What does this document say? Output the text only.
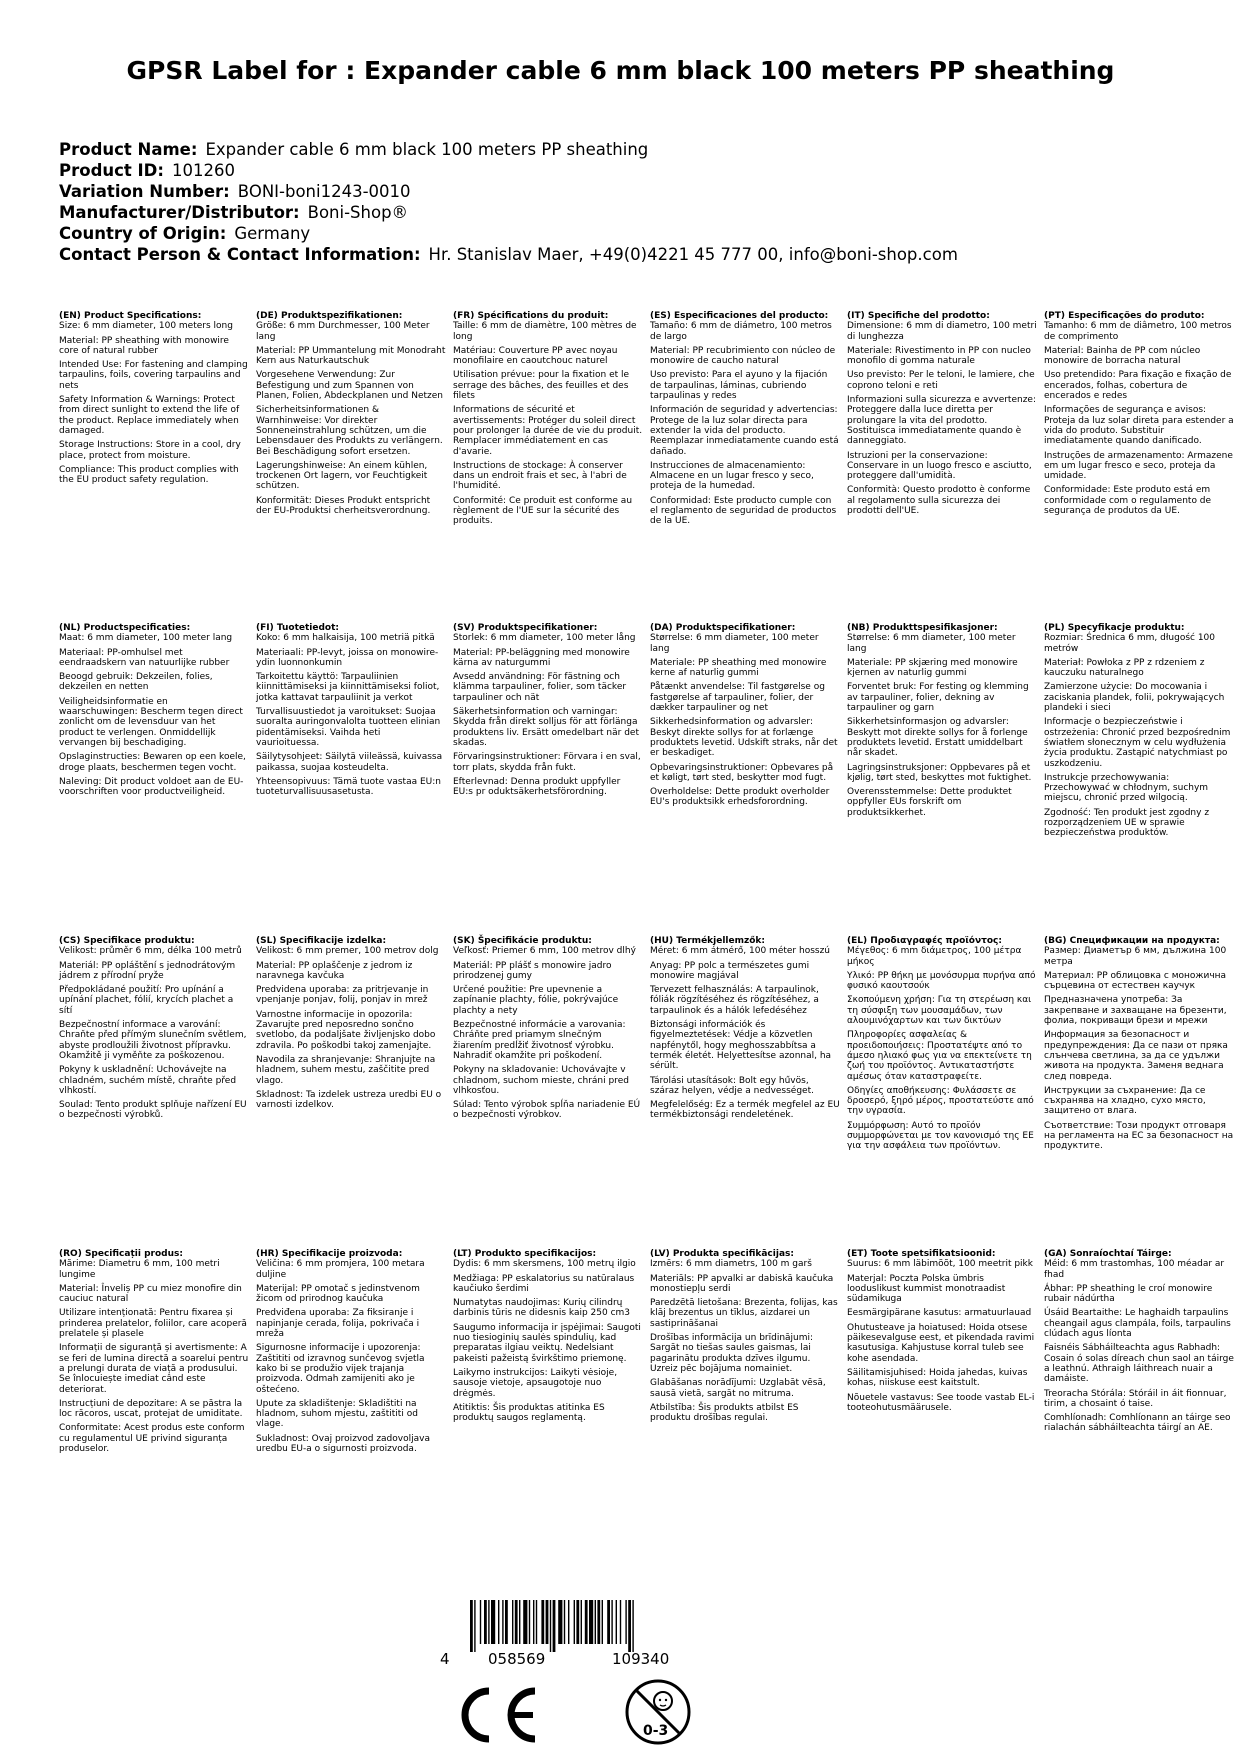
GPSR Label for : Expander cable 6 mm black 100 meters PP sheathing
Product Name: Expander cable 6 mm black 100 meters PP sheathing
Product ID: 101260
Variation Number: BONI-boni1243-0010
Manufacturer/Distributor: Boni-Shop®
Country of Origin: Germany
Contact Person & Contact Information: Hr. Stanislav Maer, +49(0)4221 45 777 00, info@boni-shop.com
(EN) Product Specifications:
Size: 6 mm diameter, 100 meters long
Material: PP sheathing with monowire core of natural rubber
Intended Use: For fastening and clamping tarpaulins, foils, covering tarpaulins and nets
Safety Information & Warnings: Protect from direct sunlight to extend the life of the product. Replace immediately when damaged.
Storage Instructions: Store in a cool, dry place, protect from moisture.
Compliance: This product complies with the EU product safety regulation.
(DE) Produktspezifikationen:
Größe: 6 mm Durchmesser, 100 Meter lang
Material: PP Ummantelung mit Monodraht Kern aus Naturkautschuk
Vorgesehene Verwendung: Zur Befestigung und zum Spannen von Planen, Folien, Abdeckplanen und Netzen
Sicherheitsinformationen & Warnhinweise: Vor direkter Sonneneinstrahlung schützen, um die Lebensdauer des Produkts zu verlängern. Bei Beschädigung sofort ersetzen.
Lagerungshinweise: An einem kühlen, trockenen Ort lagern, vor Feuchtigkeit schützen.
Konformität: Dieses Produkt entspricht der EU-Produktsi cherheitsverordnung.
(FR) Spécifications du produit:
Taille: 6 mm de diamètre, 100 mètres de long
Matériau: Couverture PP avec noyau monofilaire en caoutchouc naturel
Utilisation prévue: pour la fixation et le serrage des bâches, des feuilles et des filets
Informations de sécurité et avertissements: Protéger du soleil direct pour prolonger la durée de vie du produit. Remplacer immédiatement en cas d'avarie.
Instructions de stockage: À conserver dans un endroit frais et sec, à l'abri de l'humidité.
Conformité: Ce produit est conforme au règlement de l'UE sur la sécurité des produits.
(ES) Especificaciones del producto:
Tamaño: 6 mm de diámetro, 100 metros de largo
Material: PP recubrimiento con núcleo de monowire de caucho natural
Uso previsto: Para el ayuno y la fijación de tarpaulinas, láminas, cubriendo tarpaulinas y redes
Información de seguridad y advertencias: Protege de la luz solar directa para extender la vida del producto. Reemplazar inmediatamente cuando está dañado.
Instrucciones de almacenamiento: Almacene en un lugar fresco y seco, proteja de la humedad.
Conformidad: Este producto cumple con el reglamento de seguridad de productos de la UE.
(IT) Specifiche del prodotto:
Dimensione: 6 mm di diametro, 100 metri di lunghezza
Materiale: Rivestimento in PP con nucleo monofilo di gomma naturale
Uso previsto: Per le teloni, le lamiere, che coprono teloni e reti
Informazioni sulla sicurezza e avvertenze: Proteggere dalla luce diretta per prolungare la vita del prodotto. Sostituisca immediatamente quando è danneggiato.
Istruzioni per la conservazione: Conservare in un luogo fresco e asciutto, proteggere dall'umidità.
Conformità: Questo prodotto è conforme al regolamento sulla sicurezza dei prodotti dell'UE.
(PT) Especificações do produto:
Tamanho: 6 mm de diâmetro, 100 metros de comprimento
Material: Bainha de PP com núcleo monowire de borracha natural
Uso pretendido: Para fixação e fixação de encerados, folhas, cobertura de encerados e redes
Informações de segurança e avisos: Proteja da luz solar direta para estender a vida do produto. Substituir imediatamente quando danificado.
Instruções de armazenamento: Armazene em um lugar fresco e seco, proteja da umidade.
Conformidade: Este produto está em conformidade com o regulamento de segurança de produtos da UE.
(NL) Productspecificaties:
Maat: 6 mm diameter, 100 meter lang
Materiaal: PP-omhulsel met eendraadskern van natuurlijke rubber
Beoogd gebruik: Dekzeilen, folies, dekzeilen en netten
Veiligheidsinformatie en waarschuwingen: Bescherm tegen direct zonlicht om de levensduur van het product te verlengen. Onmiddellijk vervangen bij beschadiging.
Opslaginstructies: Bewaren op een koele, droge plaats, beschermen tegen vocht.
Naleving: Dit product voldoet aan de EU-voorschriften voor productveiligheid.
(FI) Tuotetiedot:
Koko: 6 mm halkaisija, 100 metriä pitkä
Materiaali: PP-levyt, joissa on monowire-ydin luonnonkumin
Tarkoitettu käyttö: Tarpauliinien kiinnittämiseksi ja kiinnittämiseksi foliot, jotka kattavat tarpauliinit ja verkot
Turvallisuustiedot ja varoitukset: Suojaa suoralta auringonvalolta tuotteen elinian pidentämiseksi. Vaihda heti vaurioituessa.
Säilytysohjeet: Säilytä viileässä, kuivassa paikassa, suojaa kosteudelta.
Yhteensopivuus: Tämä tuote vastaa EU:n tuoteturvallisuusasetusta.
(SV) Produktspecifikationer:
Storlek: 6 mm diameter, 100 meter lång
Material: PP-beläggning med monowire kärna av naturgummi
Avsedd användning: För fästning och klämma tarpauliner, folier, som täcker tarpauliner och nät
Säkerhetsinformation och varningar: Skydda från direkt solljus för att förlänga produktens liv. Ersätt omedelbart när det skadas.
Förvaringsinstruktioner: Förvara i en sval, torr plats, skydda från fukt.
Efterlevnad: Denna produkt uppfyller EU:s pr oduktsäkerhetsförordning.
(DA) Produktspecifikationer:
Størrelse: 6 mm diameter, 100 meter lang
Materiale: PP sheathing med monowire kerne af naturlig gummi
Påtænkt anvendelse: Til fastgørelse og fastgørelse af tarpauliner, folier, der dækker tarpauliner og net
Sikkerhedsinformation og advarsler: Beskyt direkte sollys for at forlænge produktets levetid. Udskift straks, når det er beskadiget.
Opbevaringsinstruktioner: Opbevares på et køligt, tørt sted, beskytter mod fugt.
Overholdelse: Dette produkt overholder EU's produktsikk erhedsforordning.
(NB) Produkttspesifikasjoner:
Størrelse: 6 mm diameter, 100 meter lang
Materiale: PP skjæring med monowire kjernen av naturlig gummi
Forventet bruk: For festing og klemming av tarpauliner, folier, dekning av tarpauliner og garn
Sikkerhetsinformasjon og advarsler: Beskytt mot direkte sollys for å forlenge produktets levetid. Erstatt umiddelbart når skadet.
Lagringsinstruksjoner: Oppbevares på et kjølig, tørt sted, beskyttes mot fuktighet.
Overensstemmelse: Dette produktet oppfyller EUs forskrift om produktsikkerhet.
(PL) Specyfikacje produktu:
Rozmiar: Średnica 6 mm, długość 100 metrów
Materiał: Powłoka z PP z rdzeniem z kauczuku naturalnego
Zamierzone użycie: Do mocowania i zaciskania plandek, folii, pokrywających plandeki i sieci
Informacje o bezpieczeństwie i ostrzeżenia: Chronić przed bezpośrednim światłem słonecznym w celu wydłużenia życia produktu. Zastąpić natychmiast po uszkodzeniu.
Instrukcje przechowywania: Przechowywać w chłodnym, suchym miejscu, chronić przed wilgocią.
Zgodność: Ten produkt jest zgodny z rozporządzeniem UE w sprawie bezpieczeństwa produktów.
(CS) Specifikace produktu:
Velikost: průměr 6 mm, délka 100 metrů
Materiál: PP opláštění s jednodrátovým jádrem z přírodní pryže
Předpokládané použití: Pro upínání a upínání plachet, fólií, krycích plachet a sítí
Bezpečnostní informace a varování: Chraňte před přímým slunečním světlem, abyste prodloužili životnost přípravku. Okamžitě ji vyměňte za poškozenou.
Pokyny k uskladnění: Uchovávejte na chladném, suchém místě, chraňte před vlhkostí.
Soulad: Tento produkt splňuje nařízení EU o bezpečnosti výrobků.
(SL) Specifikacije izdelka:
Velikost: 6 mm premer, 100 metrov dolg
Material: PP oplaščenje z jedrom iz naravnega kavčuka
Predvidena uporaba: za pritrjevanje in vpenjanje ponjav, folij, ponjav in mrež
Varnostne informacije in opozorila: Zavarujte pred neposredno sončno svetlobo, da podaljšate življenjsko dobo zdravila. Po poškodbi takoj zamenjajte.
Navodila za shranjevanje: Shranjujte na hladnem, suhem mestu, zaščitite pred vlago.
Skladnost: Ta izdelek ustreza uredbi EU o varnosti izdelkov.
(SK) Špecifikácie produktu:
Veľkosť: Priemer 6 mm, 100 metrov dlhý
Materiál: PP plášť s monowire jadro prirodzenej gumy
Určené použitie: Pre upevnenie a zapínanie plachty, fólie, pokrývajúce plachty a nety
Bezpečnostné informácie a varovania: Chráňte pred priamym slnečným žiarením predĺžiť životnosť výrobku. Nahradiť okamžite pri poškodení.
Pokyny na skladovanie: Uchovávajte v chladnom, suchom mieste, chráni pred vlhkosťou.
Súlad: Tento výrobok spĺňa nariadenie EÚ o bezpečnosti výrobkov.
(HU) Termékjellemzők:
Méret: 6 mm átmérő, 100 méter hosszú
Anyag: PP polc a természetes gumi monowire magjával
Tervezett felhasználás: A tarpaulinok, fóliák rögzítéséhez és rögzítéséhez, a tarpaulinok és a hálók lefedéséhez
Biztonsági információk és figyelmeztetések: Védje a közvetlen napfénytől, hogy meghosszabbítsa a termék életét. Helyettesítse azonnal, ha sérült.
Tárolási utasítások: Bolt egy hűvös, száraz helyen, védje a nedvességet.
Megfelelőség: Ez a termék megfelel az EU termékbiztonsági rendeletének.
(EL) Προδιαγραφές προϊόντος:
Μέγεθος: 6 mm διάμετρος, 100 μέτρα μήκος
Υλικό: PP θήκη με μονόσυρμα πυρήνα από φυσικό καουτσούκ
Σκοπούμενη χρήση: Για τη στερέωση και τη σύσφιξη των μουσαμάδων, των αλουμινόχαρτων και των δικτύων
Πληροφορίες ασφαλείας & προειδοποιήσεις: Προστατέψτε από το άμεσο ηλιακό φως για να επεκτείνετε τη ζωή του προϊόντος. Αντικαταστήστε αμέσως όταν καταστραφείτε.
Οδηγίες αποθήκευσης: Φυλάσσετε σε δροσερό, ξηρό μέρος, προστατεύστε από την υγρασία.
Συμμόρφωση: Αυτό το προϊόν συμμορφώνεται με τον κανονισμό της ΕΕ για την ασφάλεια των προϊόντων.
(BG) Спецификации на продукта:
Размер: Диаметър 6 мм, дължина 100 метра
Материал: PP облицовка с моножична сърцевина от естествен каучук
Предназначена употреба: За закрепване и захващане на брезенти, фолиа, покриващи брези и мрежи
Информация за безопасност и предупреждения: Да се пази от пряка слънчева светлина, за да се удължи живота на продукта. Заменя веднага след повреда.
Инструкции за съхранение: Да се съхранява на хладно, сухо място, защитено от влага.
Съответствие: Този продукт отговаря на регламента на ЕС за безопасност на продуктите.
(RO) Specificații produs:
Mărime: Diametru 6 mm, 100 metri lungime
Material: Înveliș PP cu miez monofire din cauciuc natural
Utilizare intenționată: Pentru fixarea și prinderea prelatelor, foliilor, care acoperă prelatele și plasele
Informații de siguranță și avertismente: A se feri de lumina directă a soarelui pentru a prelungi durata de viață a produsului. Se înlocuiește imediat când este deteriorat.
Instrucțiuni de depozitare: A se păstra la loc răcoros, uscat, protejat de umiditate.
Conformitate: Acest produs este conform cu regulamentul UE privind siguranța produselor.
(HR) Specifikacije proizvoda:
Veličina: 6 mm promjera, 100 metara duljine
Materijal: PP omotač s jedinstvenom žicom od prirodnog kaučuka
Predviđena uporaba: Za fiksiranje i napinjanje cerada, folija, pokrivača i mreža
Sigurnosne informacije i upozorenja: Zaštititi od izravnog sunčevog svjetla kako bi se produžio vijek trajanja proizvoda. Odmah zamijeniti ako je oštećeno.
Upute za skladištenje: Skladištiti na hladnom, suhom mjestu, zaštititi od vlage.
Sukladnost: Ovaj proizvod zadovoljava uredbu EU-a o sigurnosti proizvoda.
(LT) Produkto specifikacijos:
Dydis: 6 mm skersmens, 100 metrų ilgio
Medžiaga: PP eskalatorius su natūralaus kaučiuko šerdimi
Numatytas naudojimas: Kurių cilindrų darbinis tūris ne didesnis kaip 250 cm3
Saugumo informacija ir įspėjimai: Saugoti nuo tiesioginių saulės spindulių, kad preparatas ilgiau veiktų. Nedelsiant pakeisti pažeistą švirkštimo priemonę.
Laikymo instrukcijos: Laikyti vėsioje, sausoje vietoje, apsaugotoje nuo drėgmės.
Atitiktis: Šis produktas atitinka ES produktų saugos reglamentą.
(LV) Produkta specifikācijas:
Izmērs: 6 mm diametrs, 100 m garš
Materiāls: PP apvalki ar dabiskā kaučuka monostiepļu serdi
Paredzētā lietošana: Brezenta, folijas, kas klāj brezentus un tīklus, aizdarei un sastiprināšanai
Drošības informācija un brīdinājumi: Sargāt no tiešas saules gaismas, lai pagarinātu produkta dzīves ilgumu. Uzreiz pēc bojājuma nomainiet.
Glabāšanas norādījumi: Uzglabāt vēsā, sausā vietā, sargāt no mitruma.
Atbilstība: Šis produkts atbilst ES produktu drošības regulai.
(ET) Toote spetsifikatsioonid:
Suurus: 6 mm läbimõõt, 100 meetrit pikk
Materjal: Poczta Polska ümbris looduslikust kummist monotraadist südamikuga
Eesmärgipärane kasutus: armatuurlauad
Ohutusteave ja hoiatused: Hoida otsese päikesevalguse eest, et pikendada ravimi kasutusiga. Kahjustuse korral tuleb see kohe asendada.
Säilitamisjuhised: Hoida jahedas, kuivas kohas, niiskuse eest kaitstult.
Nõuetele vastavus: See toode vastab EL-i tooteohutusmäärusele.
(GA) Sonraíochtaí Táirge:
Méid: 6 mm trastomhas, 100 méadar ar fhad
Ábhar: PP sheathing le croí monowire rubair nádúrtha
Úsáid Beartaithe: Le haghaidh tarpaulins cheangail agus clampála, foils, tarpaulins clúdach agus líonta
Faisnéis Sábháilteachta agus Rabhadh: Cosain ó solas díreach chun saol an táirge a leathnú. Athraigh láithreach nuair a damáiste.
Treoracha Stórála: Stóráil in áit fionnuar, tirim, a chosaint ó taise.
Comhlíonadh: Comhlíonann an táirge seo rialachán sábháilteachta táirgí an AE.
4	058569	109340
0-3
